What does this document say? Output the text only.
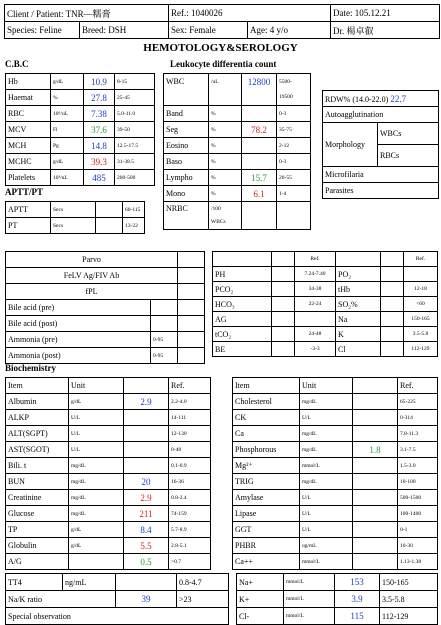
Client / Patient: TNR—糯膏		Ref.: 1040026		Date: 105.12.21
Species: Feline	Breed: DSH	Sex: Female	Age: 4 y/o	Dr. 楊卓叡
HEMOTOLOGY&SEROLOGY
C.B.C	Leukocyte differentia count
Hb	g/dL	10.9	8-15
Haemat	%	27.8	25-45
RBC	10⁶/uL	7.38	5.0-11.0
MCV	Fl	37.6	39-50
MCH	Pg	14.8	12.5-17.5
MCHC	g/dL	39.3	31-38.5
Platelets	10³/uL	485	200-500
WBC	/uL	12800	5500-
			19500
Band	%		0-3
Seg	%	78.2	35-75
Eosino	%		2-12
Baso	%		0-3
Lympho	%	15.7	20-55
Mono	%	6.1	1-4
NRBC	/100		
	WBCs		
RDW% (14.0-22.0) 22.7
Autoagglutination
Morphology	WBCs
RBCs
Microfilaria
Parasites
APTT/PT
APTT	Secs		60-115
PT	Secs		13-22
Parvo		
FeLV Ag/FIV Ab		
fPL		
Bile acid (pre)		
Bile acid (post)		
Ammonia (pre)	0-95	
Ammonia (post)	0-95	
		Ref.			Ref.
PH		7.24-7.40	PO₂		
PCO₂		34-38	tHb		12-18
HCO₃		22-24	SO₂%		<60
AG			Na		150-165
tCO₂		24-48	K		3.5-5.8
BE		-3-3	Cl		112-129
Biochemistry
Item	Unit		Ref.
Albumin	g/dL	2.9	2.2-4.0
ALKP	U/L		14-111
ALT(SGPT)	U/L		12-130
AST(SGOT)	U/L		0-48
Bili. t	mg/dL		0.1-0.9
BUN	mg/dL	20	16-36
Creatinine	mg/dL	2.9	0.8-2.4
Glucose	mg/dL	211	74-159
TP	g/dL	8.4	5.7-8.9
Globulin	g/dL	5.5	2.8-5.1
A/G		0.5	>0.7
Item	Unit		Ref.
Cholesterol	mg/dL		65-225
CK	U/L		0-314
Ca	mg/dL		7.8-11.3
Phosphorous	mg/dL	1.8	3.1-7.5
Mg²⁺	mmol/L		1.5-3.0
TRIG	mg/dL		10-100
Amylase	U/L		500-1500
Lipase	U/L		100-1400
GGT	U/L		0-1
PHBR	ug/mL		10-30
Ca++	mmol/L		1.13-1.38
TT4	ng/mL		0.8-4.7
Na/K ratio		39	>23
Special observation			
Na+	mmol/L	153	150-165
K+	mmol/L	3.9	3.5-5.8
Cl-	mmol/L	115	112-129
